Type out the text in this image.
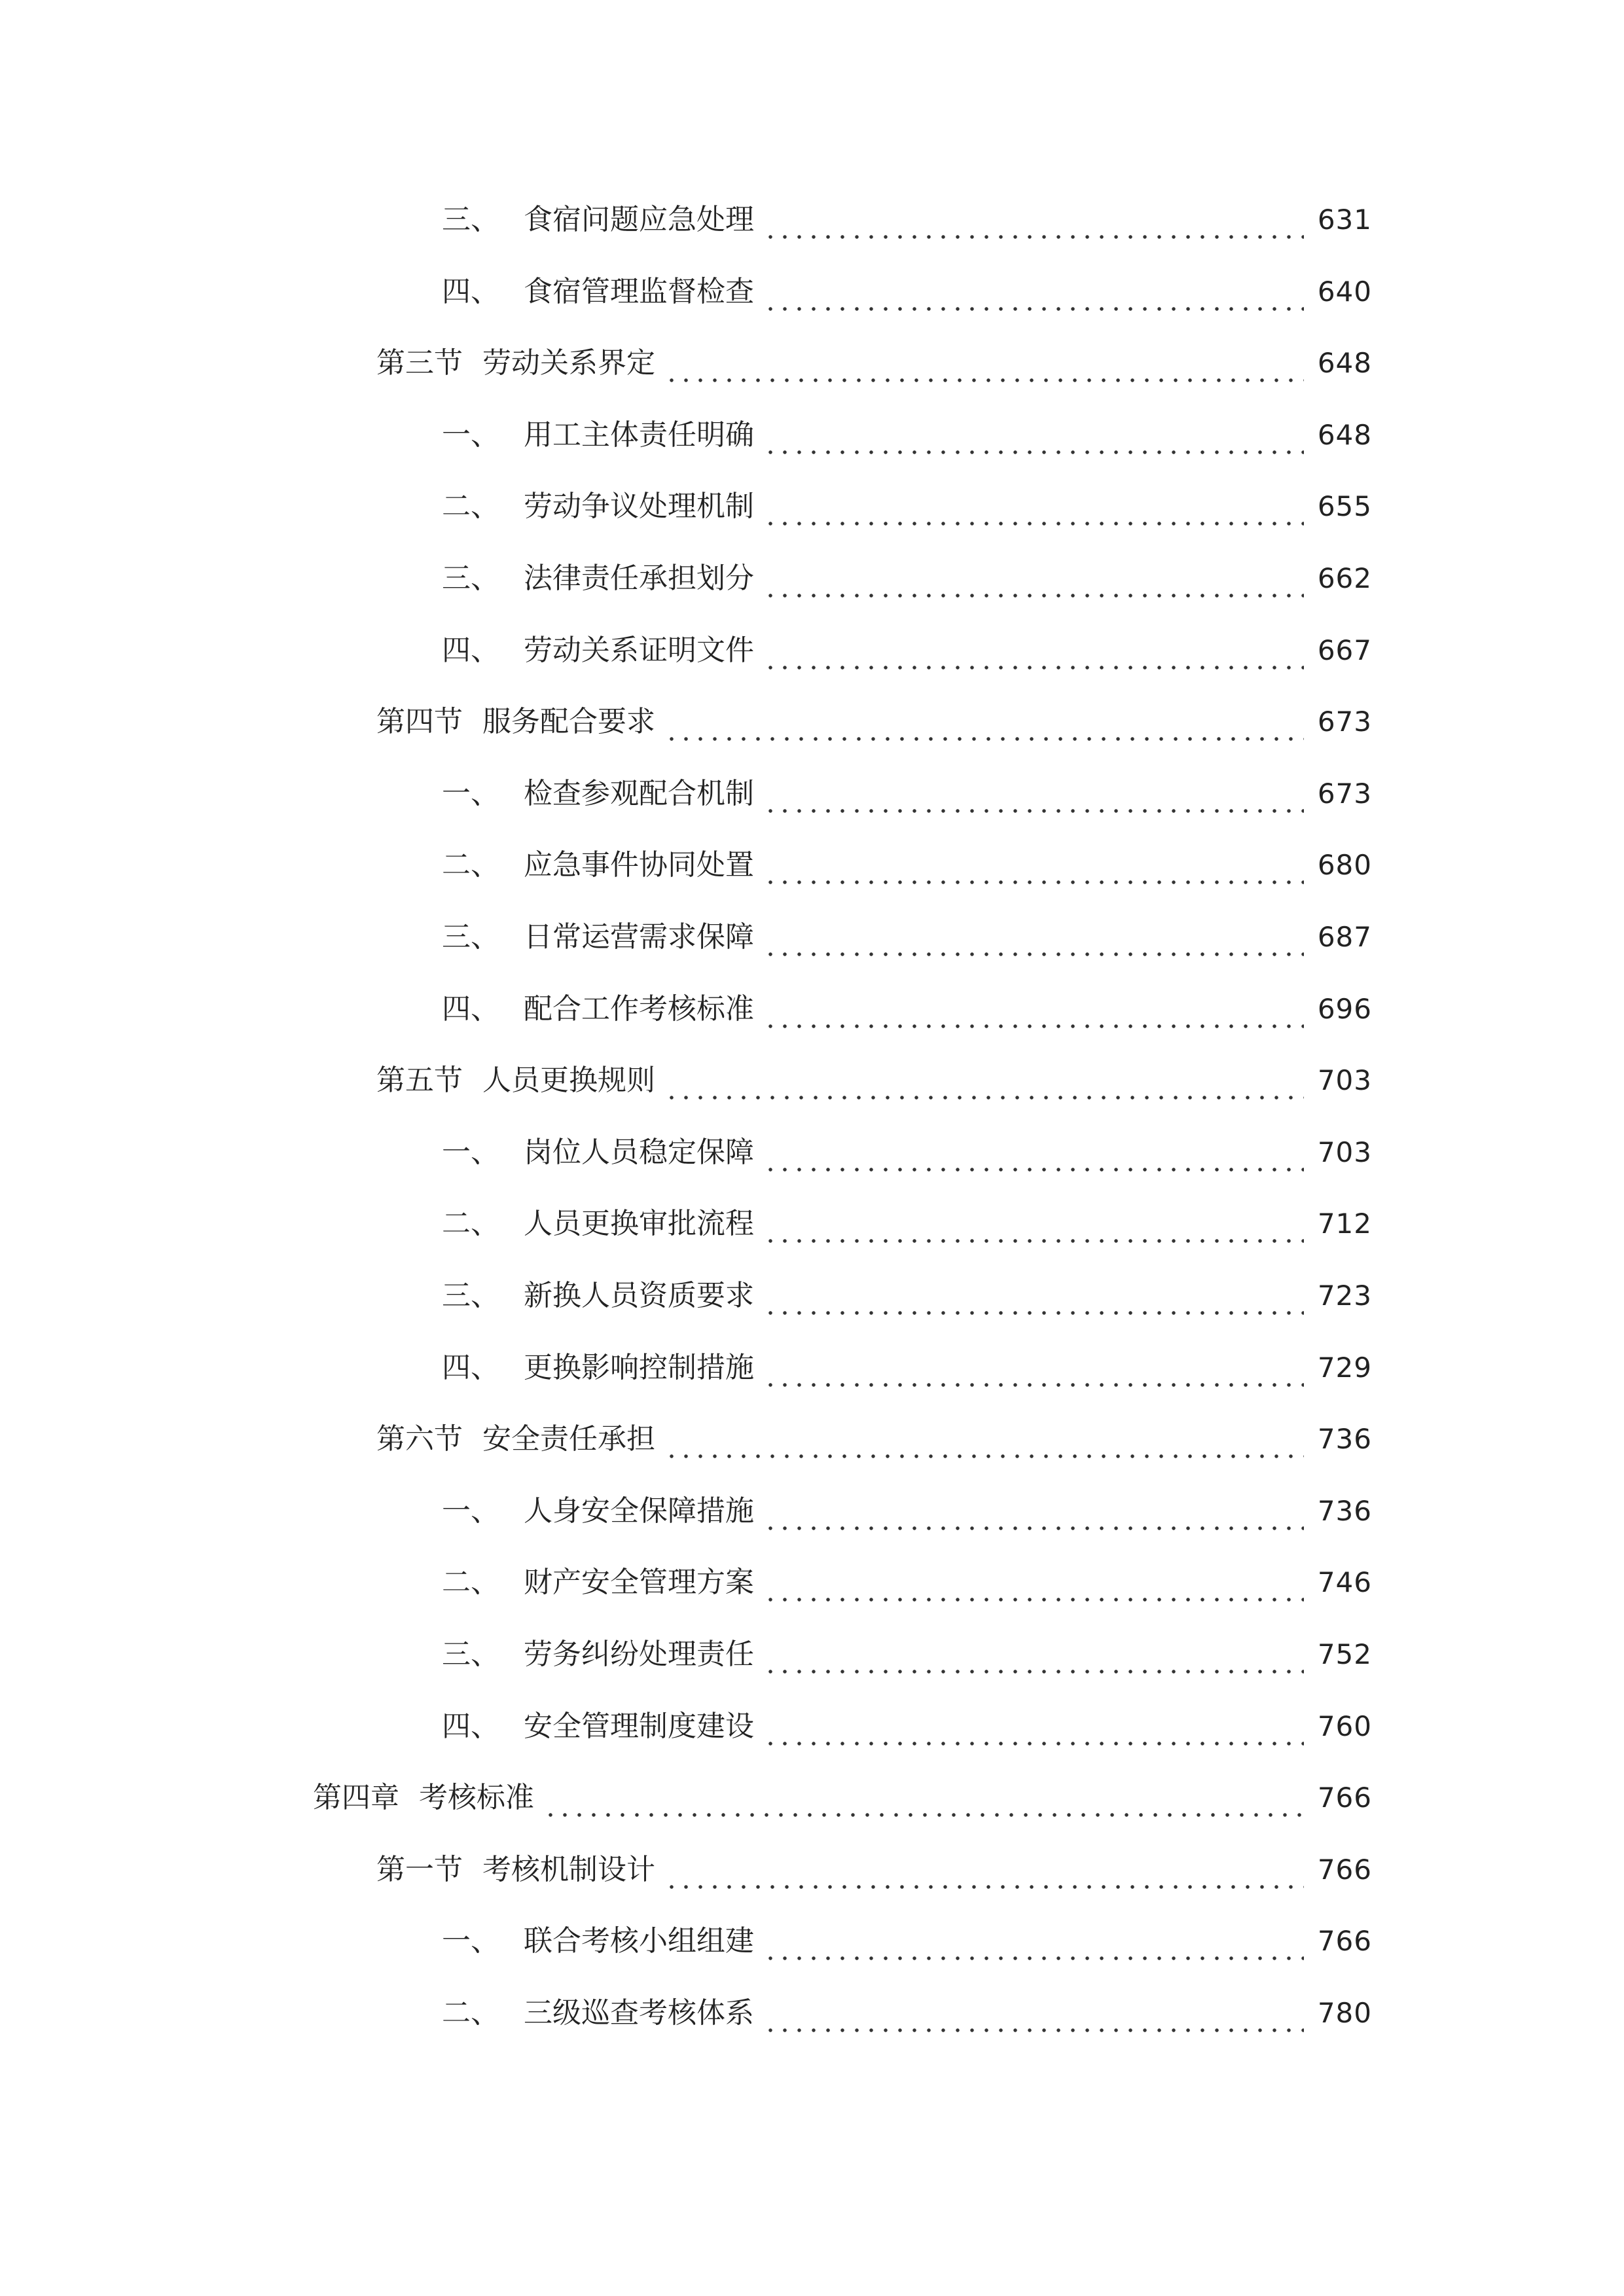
三、 食宿问题应急处理	631
四、 食宿管理监督检查	640
第三节 劳动关系界定	648
一、 用工主体责任明确	648
二、 劳动争议处理机制	655
三、 法律责任承担划分	662
四、 劳动关系证明文件	667
第四节 服务配合要求	673
一、 检查参观配合机制	673
二、 应急事件协同处置	680
三、 日常运营需求保障	687
四、 配合工作考核标准	696
第五节 人员更换规则	703
一、 岗位人员稳定保障	703
二、 人员更换审批流程	712
三、 新换人员资质要求	723
四、 更换影响控制措施	729
第六节 安全责任承担	736
一、 人身安全保障措施	736
二、 财产安全管理方案	746
三、 劳务纠纷处理责任	752
四、 安全管理制度建设	760
第四章 考核标准	766
第一节 考核机制设计	766
一、 联合考核小组组建	766
二、 三级巡查考核体系	780
